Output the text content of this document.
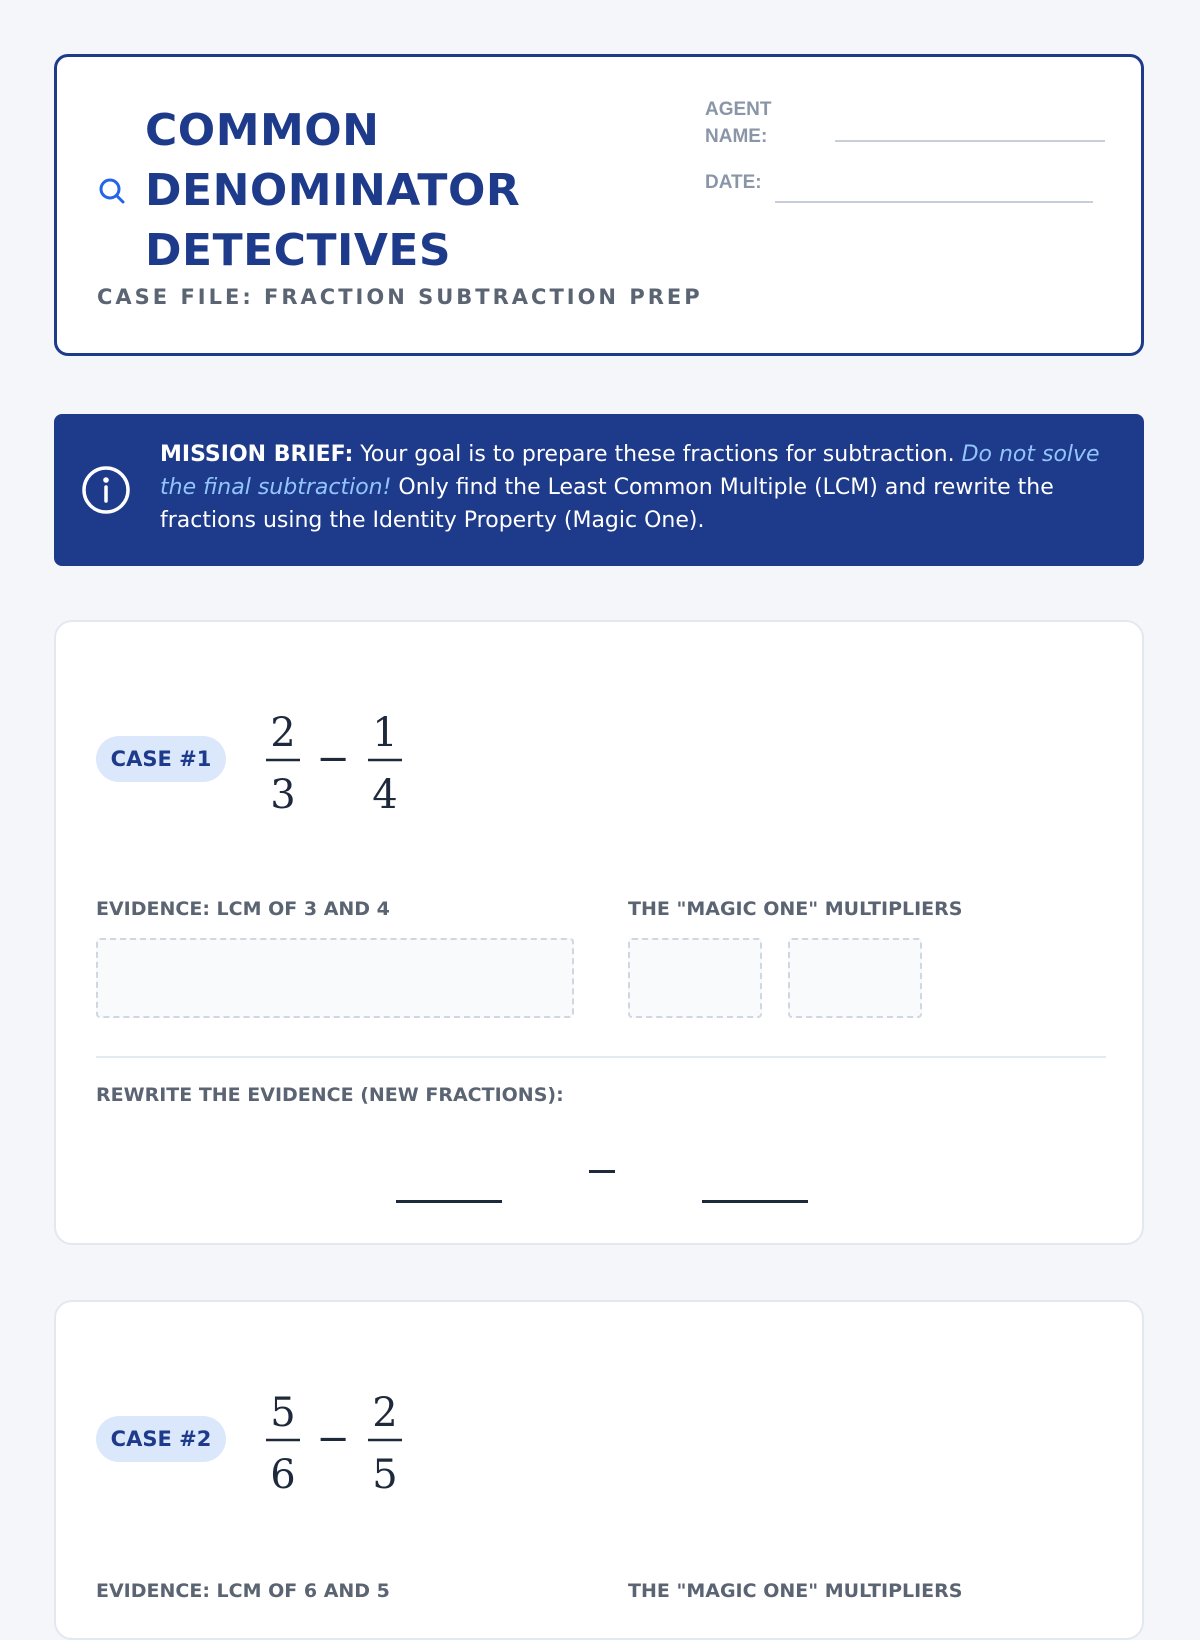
COMMON
DENOMINATOR
DETECTIVES
CASE FILE: FRACTION SUBTRACTION PREP
AGENT
NAME:
DATE:
MISSION BRIEF: Your goal is to prepare these fractions for subtraction. Do not solve the final subtraction! Only find the Least Common Multiple (LCM) and rewrite the fractions using the Identity Property (Magic One).
CASE #1
2
3
−
1
4
EVIDENCE: LCM OF 3 AND 4	THE "MAGIC ONE" MULTIPLIERS
REWRITE THE EVIDENCE (NEW FRACTIONS):
CASE #2
5
6
−
2
5
EVIDENCE: LCM OF 6 AND 5	THE "MAGIC ONE" MULTIPLIERS
